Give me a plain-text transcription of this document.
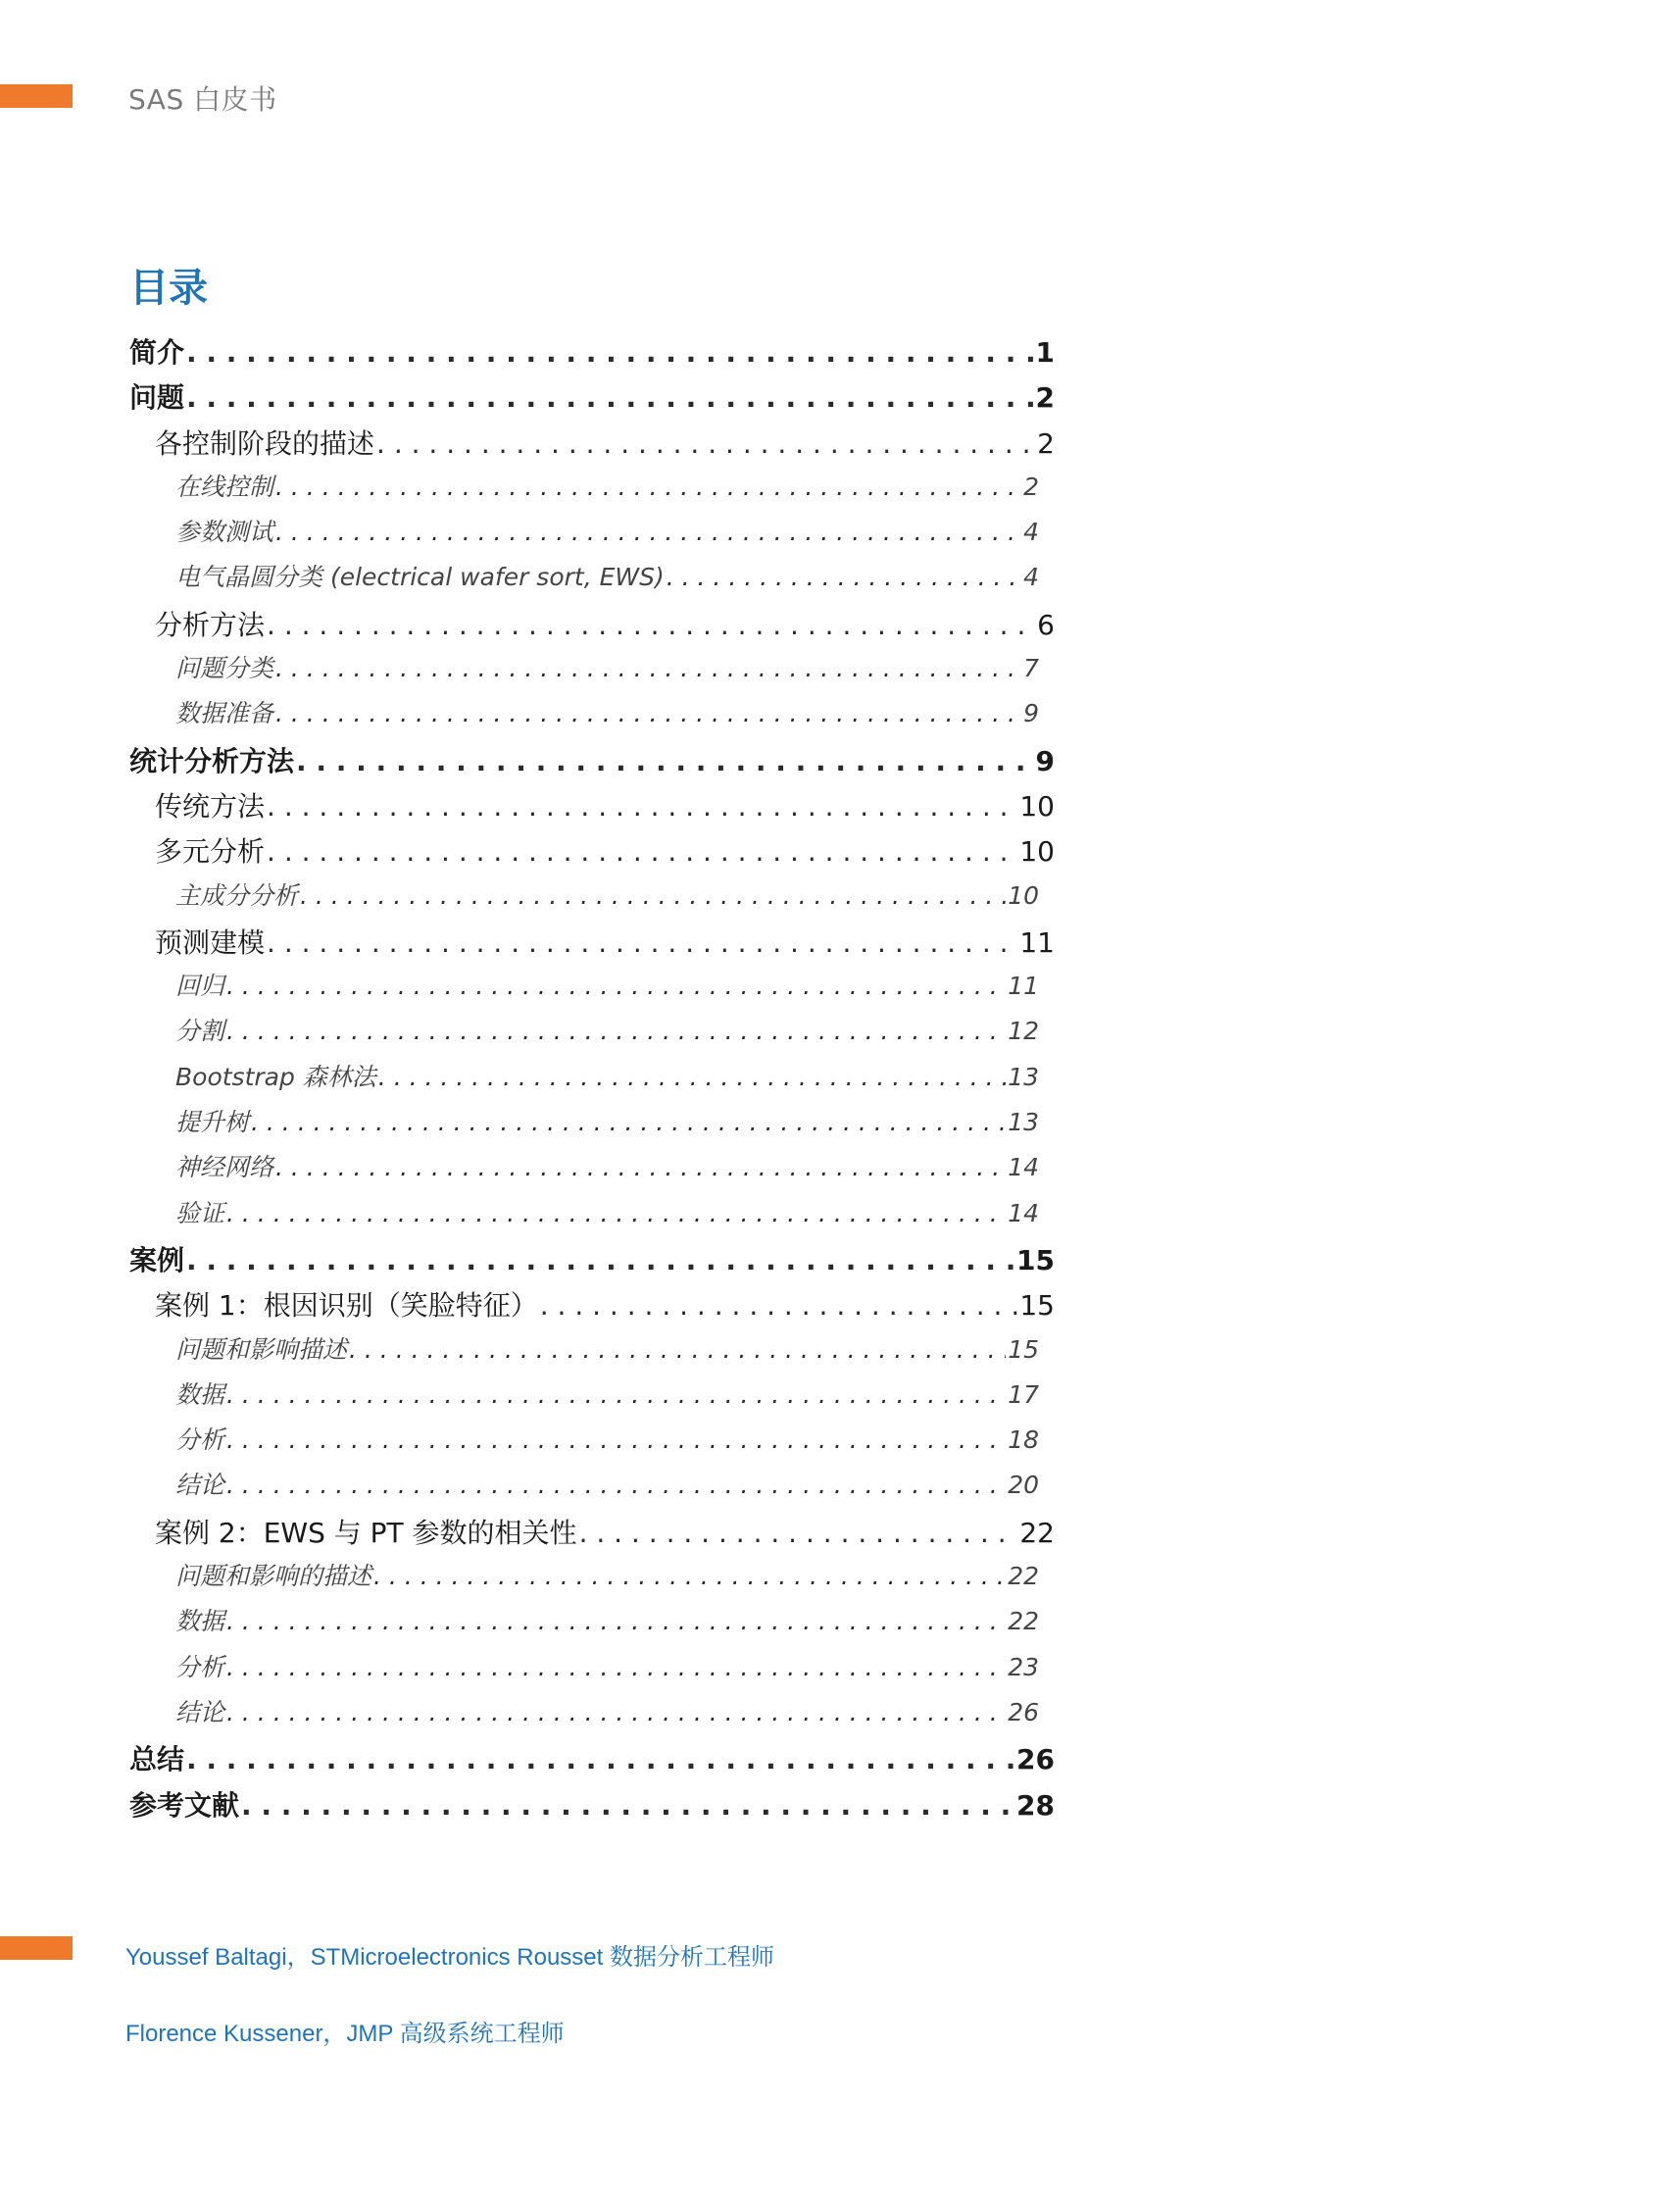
SAS 白皮书
目录
简介 . . .	1
问题 . . .	2
各控制阶段的描述 . . .	2
在线控制 . . .	2
参数测试 . . .	4
电气晶圆分类 (electrical wafer sort, EWS) . . .	4
分析方法 . . .	6
问题分类 . . .	7
数据准备 . . .	9
统计分析方法 . . .	9
传统方法 . . .	10
多元分析 . . .	10
主成分分析 . . .	10
预测建模 . . .	11
回归 . . .	11
分割 . . .	12
Bootstrap 森林法 . . .	13
提升树 . . .	13
神经网络 . . .	14
验证 . . .	14
案例 . . .	15
案例 1：根因识别（笑脸特征） . . .	15
问题和影响描述 . . .	15
数据 . . .	17
分析 . . .	18
结论 . . .	20
案例 2：EWS 与 PT 参数的相关性 . . .	22
问题和影响的描述 . . .	22
数据 . . .	22
分析 . . .	23
结论 . . .	26
总结 . . .	26
参考文献 . . .	28
Youssef Baltagi，STMicroelectronics Rousset 数据分析工程师
Florence Kussener，JMP 高级系统工程师
